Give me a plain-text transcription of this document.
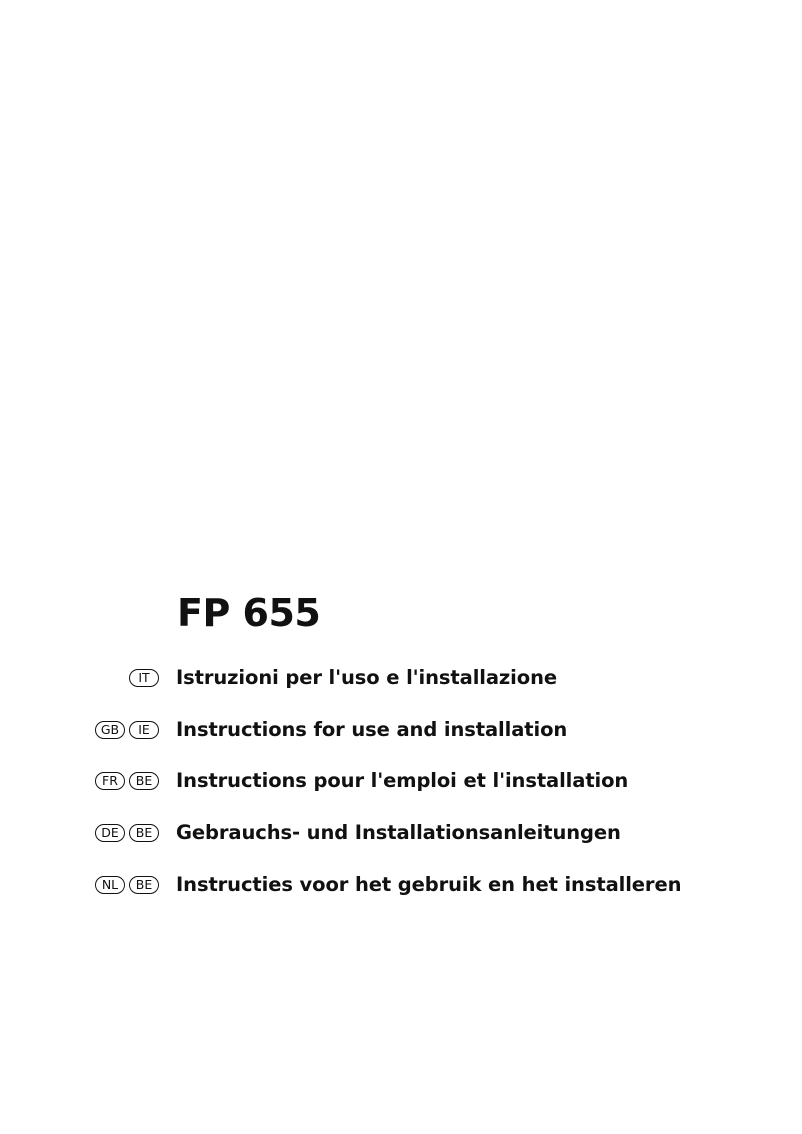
FP 655
IT	Istruzioni per l'uso e l'installazione
GB	IE	Instructions for use and installation
FR	BE	Instructions pour l'emploi et l'installation
DE	BE	Gebrauchs- und Installationsanleitungen
NL	BE	Instructies voor het gebruik en het installeren
